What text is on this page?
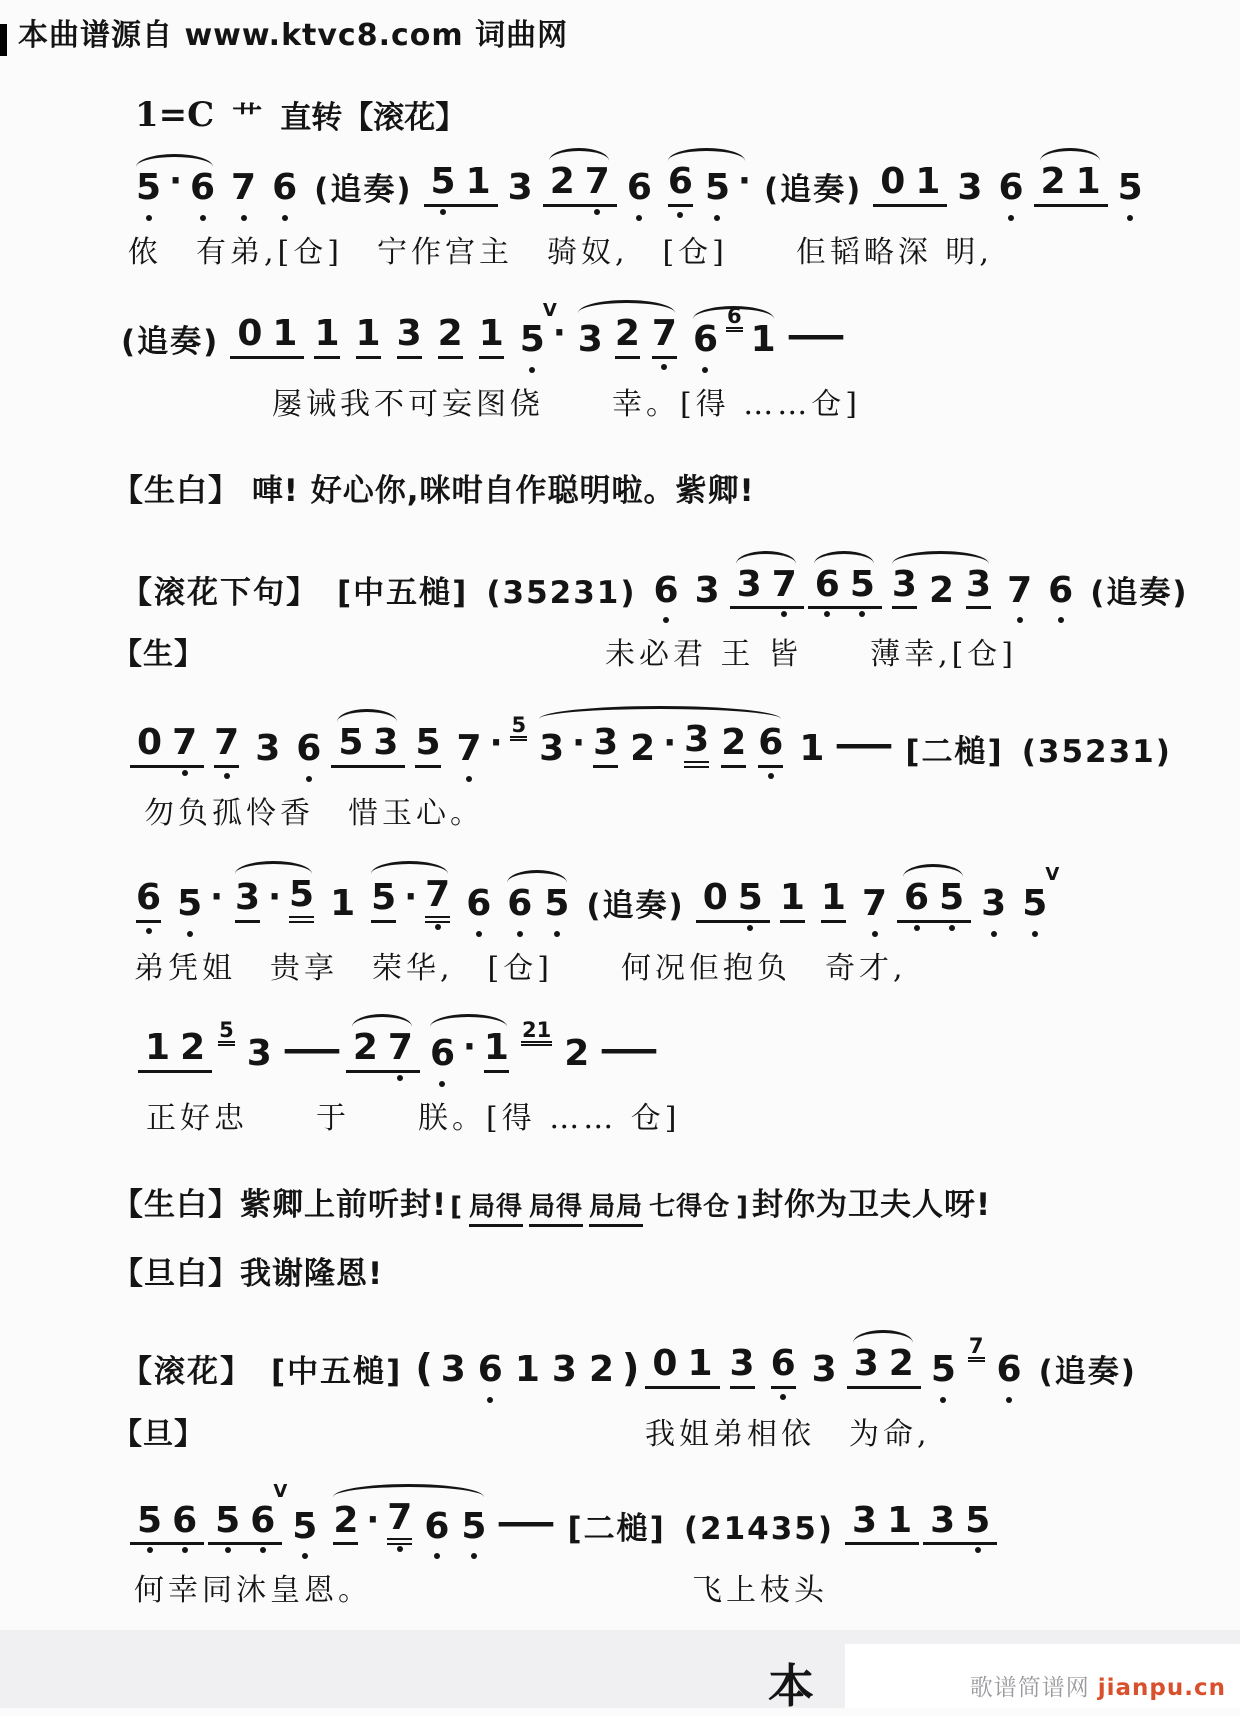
本曲谱源自 www.ktvc8.com 词曲网
1=C 艹 直转【滚花】
5 · 6 7 6 (追奏) 5 1 3 2 7 6 6 5 · (追奏) 0 1 3 6 2 1 5
侬　有弟,[仓]　宁作宫主　骑奴,　[仓]　　佢韬略深 明,
(追奏) 0 1 1 1 3 2 1 5
V
· 3 2 7 6
6
1 —
屡诫我不可妄图侥　　幸。[得 ……仓]
【生白】 唓! 好心你,咪咁自作聪明啦。紫卿!
【滚花下句】 [中五槌] (35231) 6 3 3 7 6 5 3 2 3 7 6 (追奏)
【生】	未必君 王 皆　　薄幸,[仓]
0 7 7 3 6 5 3 5 7 · 5
3 · 3 2 · 3 2 6 1 — [二槌] (35231)
勿负孤怜香　惜玉心。
6 5 · 3 · 5 1 5 · 7 6 6 5 (追奏) 0 5 1 1 7 6 5 3 5
V
弟凭姐　贵享　荣华,　[仓]　　何况佢抱负　奇才,
1 2 5
3 — 2 7 6 · 1 21
2 —
正好忠　　于　　朕。[得 …… 仓]
【生白】紫卿上前听封! [ 局得 局得 局局 七得仓 ]封你为卫夫人呀!
【旦白】我谢隆恩!
【滚花】 [中五槌] ( 3 6 1 3 2 ) 0 1 3 6 3 3 2 5
7
6 (追奏)
【旦】	我姐弟相依　为命,
5 6 5 6
V
5 2 · 7 6 5 — [二槌] (21435) 3 1 3 5
何幸同沐皇恩。	飞上枝头
本	歌谱简谱网 jianpu.cn
